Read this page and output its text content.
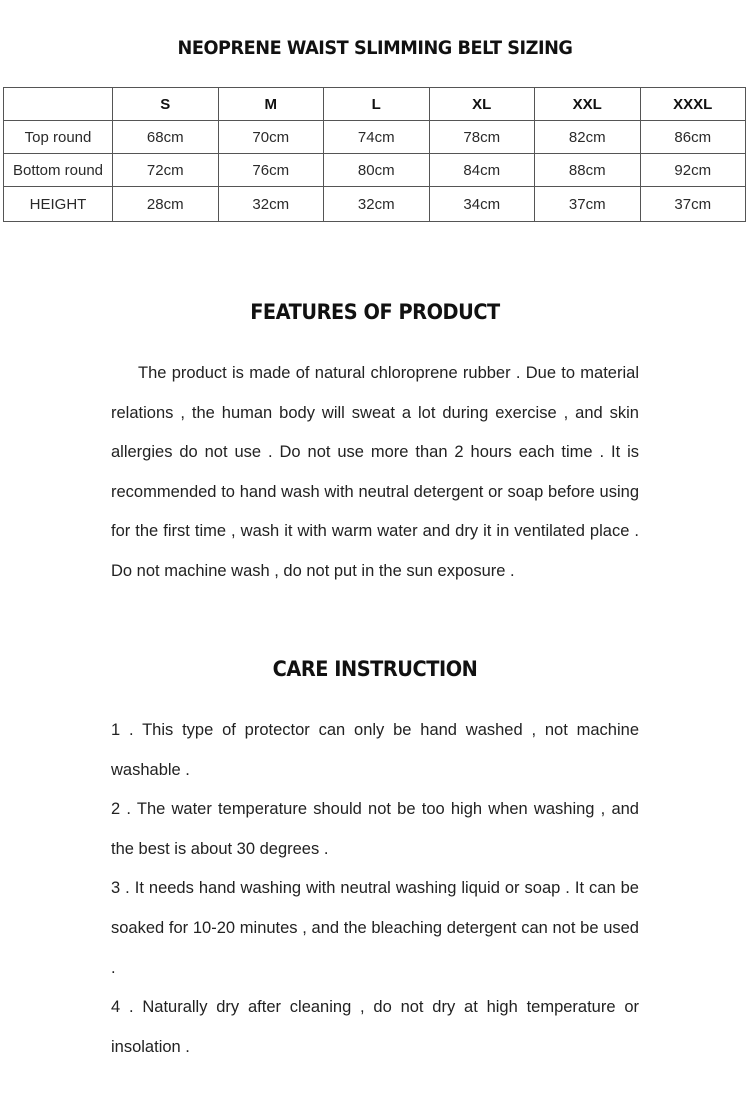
NEOPRENE WAIST SLIMMING BELT SIZING
	S	M	L	XL	XXL	XXXL
Top round	68cm	70cm	74cm	78cm	82cm	86cm
Bottom round	72cm	76cm	80cm	84cm	88cm	92cm
HEIGHT	28cm	32cm	32cm	34cm	37cm	37cm
FEATURES OF PRODUCT

The product is made of natural chloroprene rubber . Due to material relations , the human body will sweat a lot during exercise , and skin allergies do not use . Do not use more than 2 hours each time . It is recommended to hand wash with neutral detergent or soap before using for the first time , wash it with warm water and dry it in ventilated place . Do not machine wash , do not put in the sun exposure .

CARE INSTRUCTION
1 . This type of protector can only be hand washed , not machine washable .
2 . The water temperature should not be too high when washing , and the best is about 30 degrees .
3 . It needs hand washing with neutral washing liquid or soap . It can be soaked for 10-20 minutes , and the bleaching detergent can not be used .
4 . Naturally dry after cleaning , do not dry at high temperature or insolation .
